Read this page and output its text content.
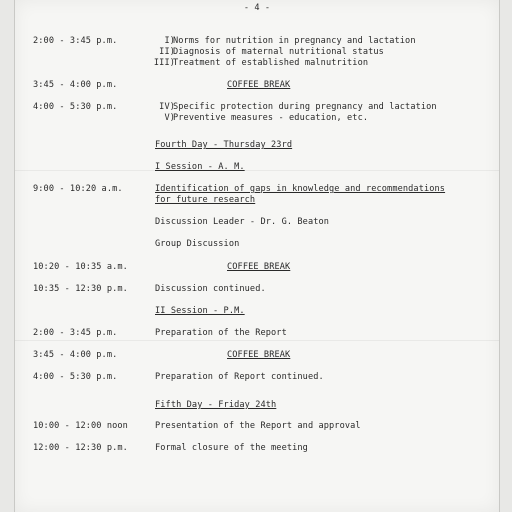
- 4 -
2:00 - 3:45 p.m.	I)
Norms for nutrition in pregnancy and lactation
II)
Diagnosis of maternal nutritional status
III)
Treatment of established malnutrition
3:45 - 4:00 p.m.	COFFEE BREAK
4:00 - 5:30 p.m.	IV)
Specific protection during pregnancy and lactation
V)
Preventive measures - education, etc.
Fourth Day - Thursday 23rd
I Session - A. M.
9:00 - 10:20 a.m.	Identification of gaps in knowledge and recommendations
for future research
Discussion Leader - Dr. G. Beaton
Group Discussion
10:20 - 10:35 a.m.	COFFEE BREAK
10:35 - 12:30 p.m.	Discussion continued.
II Session - P.M.
2:00 - 3:45 p.m.	Preparation of the Report
3:45 - 4:00 p.m.	COFFEE BREAK
4:00 - 5:30 p.m.	Preparation of Report continued.
Fifth Day - Friday 24th
10:00 - 12:00 noon	Presentation of the Report and approval
12:00 - 12:30 p.m.	Formal closure of the meeting
